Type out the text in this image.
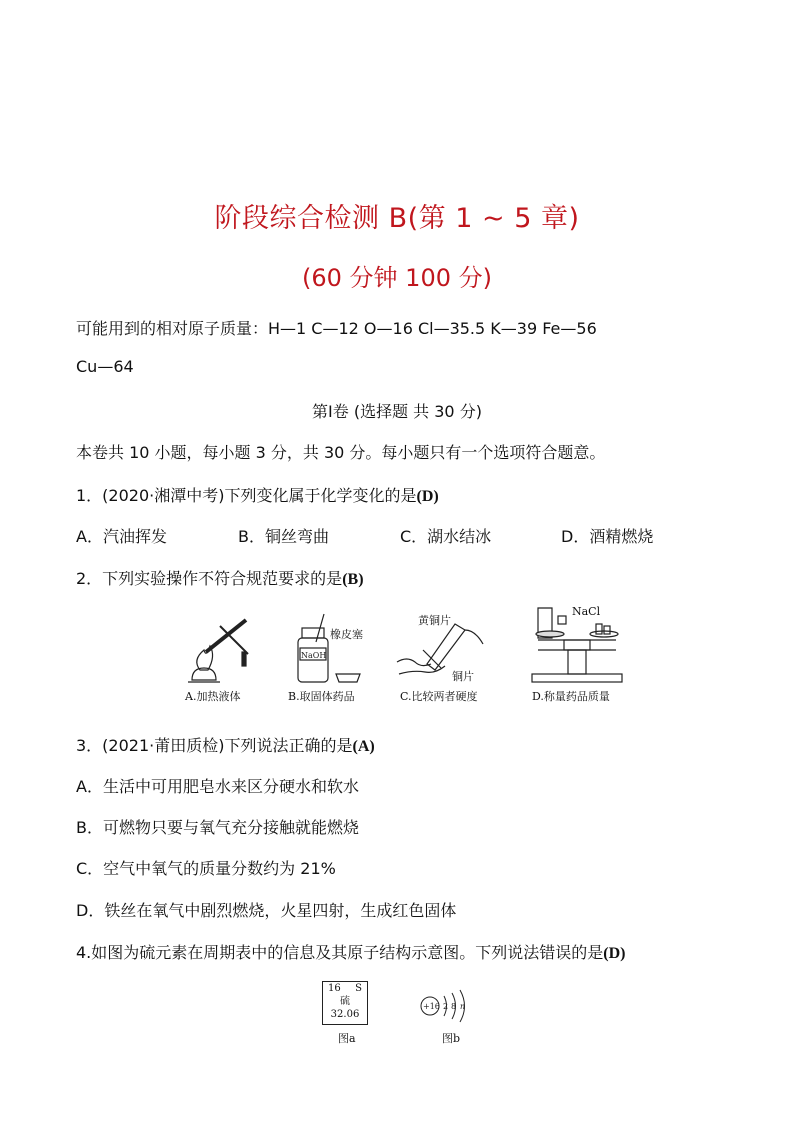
阶段综合检测 B(第 1 ~ 5 章)
(60 分钟 100 分)
可能用到的相对原子质量：H—1 C—12 O—16 Cl—35.5 K—39 Fe—56
Cu—64
第Ⅰ卷 (选择题 共 30 分)
本卷共 10 小题，每小题 3 分，共 30 分。每小题只有一个选项符合题意。
1．(2020·湘潭中考)下列变化属于化学变化的是(D)
A．汽油挥发	B．铜丝弯曲	C．湖水结冰	D．酒精燃烧
2．下列实验操作不符合规范要求的是(B)
A.加热液体
NaOH
橡皮塞
B.取固体药品
黄铜片
铜片
C.比较两者硬度
NaCl
D.称量药品质量
3．(2021·莆田质检)下列说法正确的是(A)
A．生活中可用肥皂水来区分硬水和软水
B．可燃物只要与氧气充分接触就能燃烧
C．空气中氧气的质量分数约为 21%
D．铁丝在氧气中剧烈燃烧，火星四射，生成红色固体
4.如图为硫元素在周期表中的信息及其原子结构示意图。下列说法错误的是(D)
16 S
硫
32.06
图a
+16 2 8 n
图b
